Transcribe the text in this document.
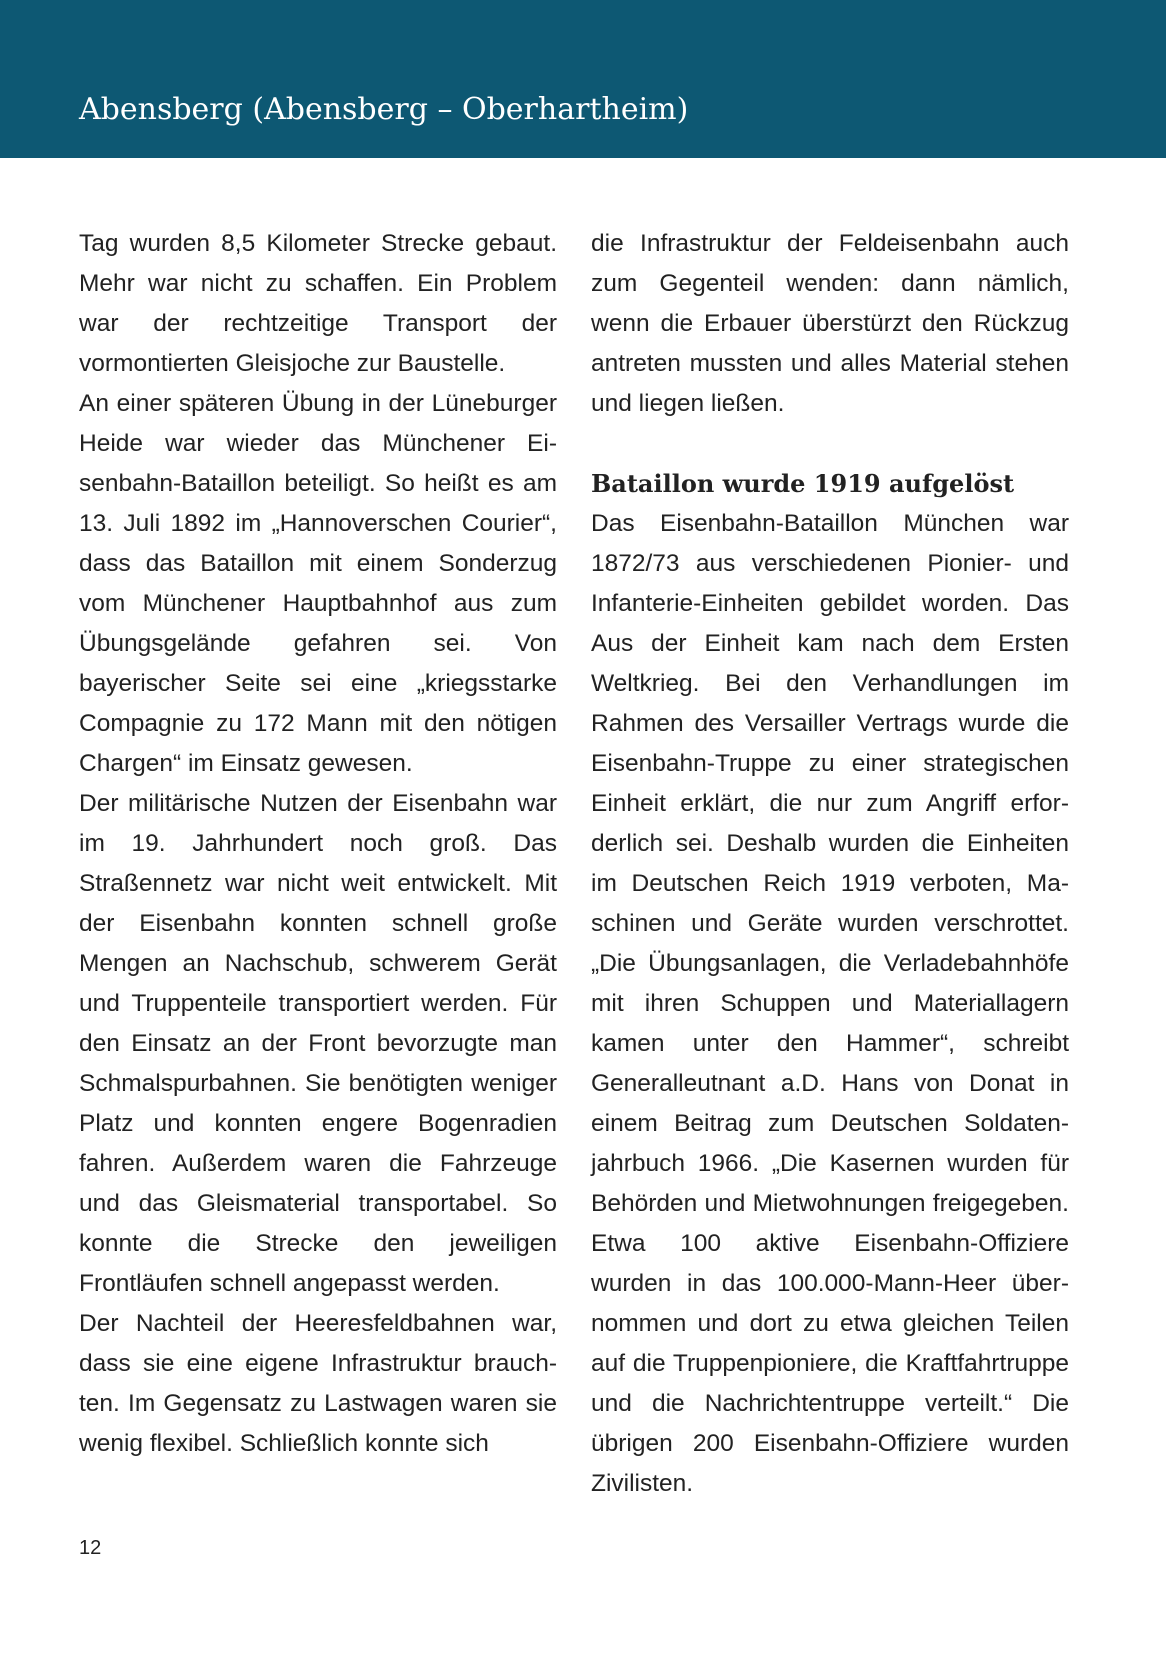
Abensberg (Abensberg – Oberhartheim)

Tag wurden 8,5 Kilometer Strecke gebaut. Mehr war nicht zu schaffen. Ein Problem war der rechtzeitige Transport der vormontierten Gleisjoche zur Baustelle.

An einer späteren Übung in der Lüneburger Heide war wieder das Münchener Eisenbahn-Bataillon beteiligt. So heißt es am 13. Juli 1892 im „Hannoverschen Courier“, dass das Bataillon mit einem Sonderzug vom Münchener Hauptbahnhof aus zum Übungsgelände gefahren sei. Von bayerischer Seite sei eine „kriegsstarke Compagnie zu 172 Mann mit den nötigen Chargen“ im Einsatz gewesen.

Der militärische Nutzen der Eisenbahn war im 19. Jahrhundert noch groß. Das Straßennetz war nicht weit entwickelt. Mit der Eisenbahn konnten schnell große Mengen an Nachschub, schwerem Gerät und Truppenteile transportiert werden. Für den Einsatz an der Front bevorzugte man Schmalspurbahnen. Sie benötigten weniger Platz und konnten engere Bogenradien fahren. Außerdem waren die Fahrzeuge und das Gleismaterial transportabel. So konnte die Strecke den jeweiligen Frontläufen schnell angepasst werden.

Der Nachteil der Heeresfeldbahnen war, dass sie eine eigene Infrastruktur brauchten. Im Gegensatz zu Lastwagen waren sie wenig flexibel. Schließlich konnte sich

die Infrastruktur der Feldeisenbahn auch zum Gegenteil wenden: dann nämlich, wenn die Erbauer überstürzt den Rückzug antreten mussten und alles Material stehen und liegen ließen.

Bataillon wurde 1919 aufgelöst

Das Eisenbahn-Bataillon München war 1872/73 aus verschiedenen Pionier- und Infanterie-Einheiten gebildet worden. Das Aus der Einheit kam nach dem Ersten Weltkrieg. Bei den Verhandlungen im Rahmen des Versailler Vertrags wurde die Eisenbahn-Truppe zu einer strategischen Einheit erklärt, die nur zum Angriff erforderlich sei. Deshalb wurden die Einheiten im Deutschen Reich 1919 verboten, Maschinen und Geräte wurden verschrottet. „Die Übungsanlagen, die Verladebahnhöfe mit ihren Schuppen und Materiallagern kamen unter den Hammer“, schreibt Generalleutnant a.D. Hans von Donat in einem Beitrag zum Deutschen Soldatenjahrbuch 1966. „Die Kasernen wurden für Behörden und Mietwohnungen freigegeben. Etwa 100 aktive Eisenbahn-Offiziere wurden in das 100.000-Mann-Heer übernommen und dort zu etwa gleichen Teilen auf die Truppenpioniere, die Kraftfahrtruppe und die Nachrichtentruppe verteilt.“ Die übrigen 200 Eisenbahn-Offiziere wurden Zivilisten.

12
